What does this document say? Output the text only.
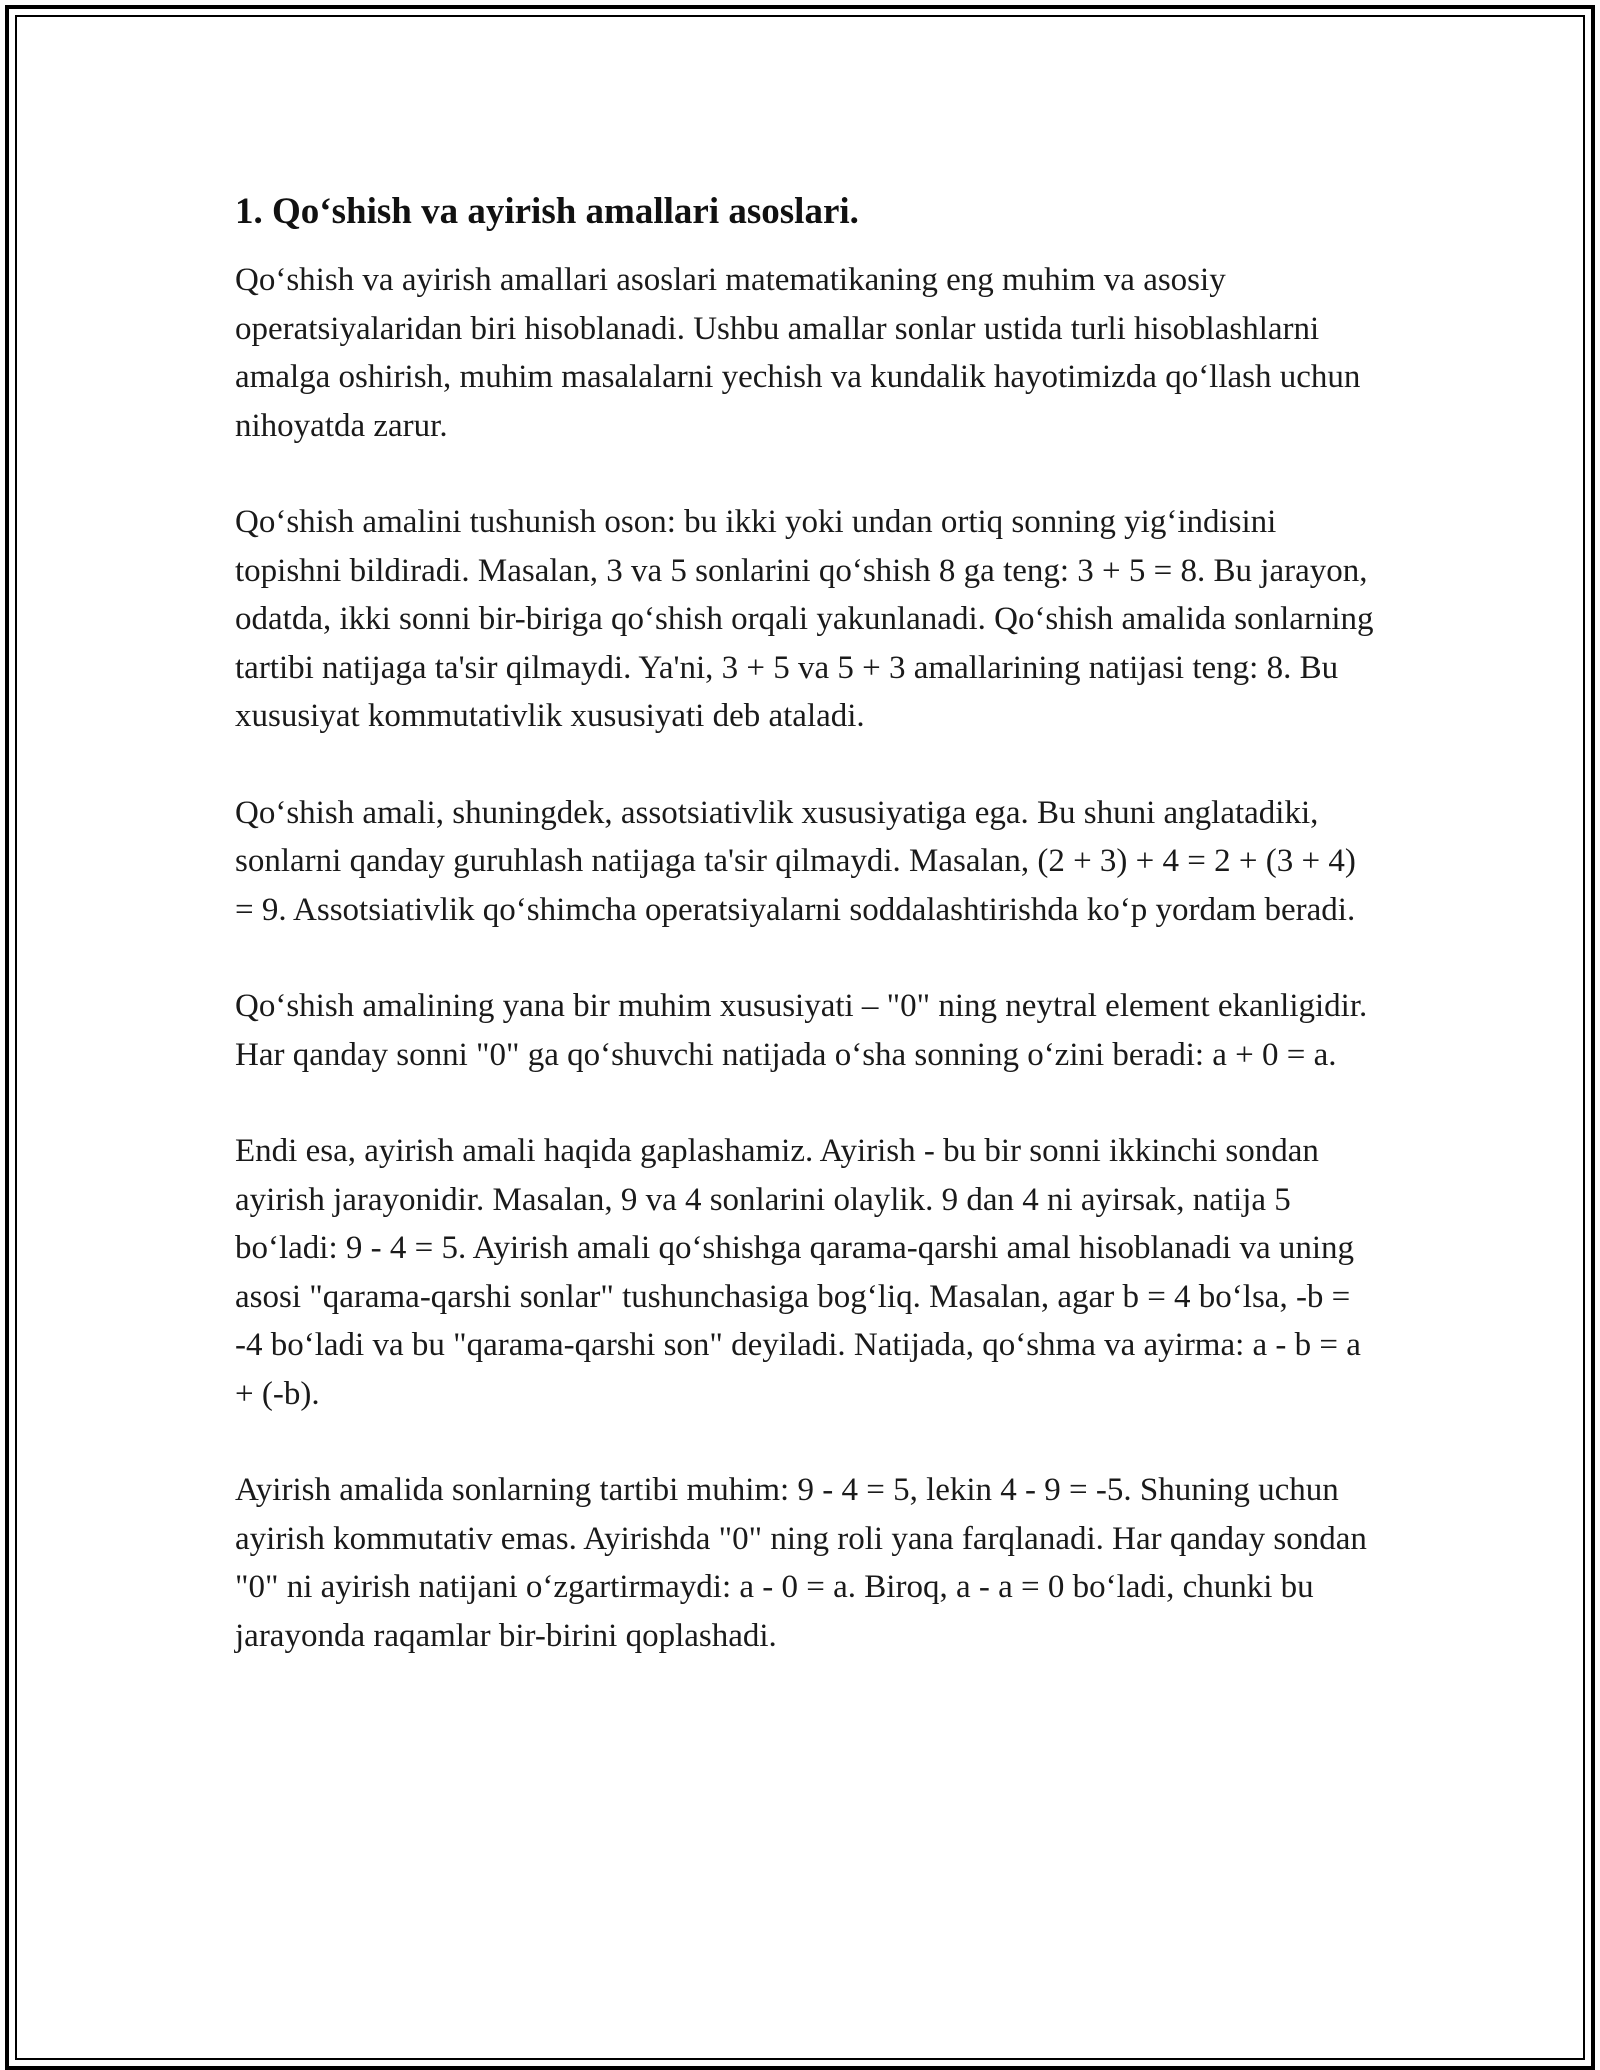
1. Qo‘shish va ayirish amallari asoslari.

Qo‘shish va ayirish amallari asoslari matematikaning eng muhim va asosiy operatsiyalaridan biri hisoblanadi. Ushbu amallar sonlar ustida turli hisoblashlarni amalga oshirish, muhim masalalarni yechish va kundalik hayotimizda qo‘llash uchun nihoyatda zarur.

Qo‘shish amalini tushunish oson: bu ikki yoki undan ortiq sonning yig‘indisini topishni bildiradi. Masalan, 3 va 5 sonlarini qo‘shish 8 ga teng: 3 + 5 = 8. Bu jarayon, odatda, ikki sonni bir-biriga qo‘shish orqali yakunlanadi. Qo‘shish amalida sonlarning tartibi natijaga ta'sir qilmaydi. Ya'ni, 3 + 5 va 5 + 3 amallarining natijasi teng: 8. Bu xususiyat kommutativlik xususiyati deb ataladi.

Qo‘shish amali, shuningdek, assotsiativlik xususiyatiga ega. Bu shuni anglatadiki, sonlarni qanday guruhlash natijaga ta'sir qilmaydi. Masalan, (2 + 3) + 4 = 2 + (3 + 4) = 9. Assotsiativlik qo‘shimcha operatsiyalarni soddalashtirishda ko‘p yordam beradi.

Qo‘shish amalining yana bir muhim xususiyati – "0" ning neytral element ekanligidir. Har qanday sonni "0" ga qo‘shuvchi natijada o‘sha sonning o‘zini beradi: a + 0 = a.

Endi esa, ayirish amali haqida gaplashamiz. Ayirish - bu bir sonni ikkinchi sondan ayirish jarayonidir. Masalan, 9 va 4 sonlarini olaylik. 9 dan 4 ni ayirsak, natija 5 bo‘ladi: 9 - 4 = 5. Ayirish amali qo‘shishga qarama-qarshi amal hisoblanadi va uning asosi "qarama-qarshi sonlar" tushunchasiga bog‘liq. Masalan, agar b = 4 bo‘lsa, -b = -4 bo‘ladi va bu "qarama-qarshi son" deyiladi. Natijada, qo‘shma va ayirma: a - b = a + (-b).

Ayirish amalida sonlarning tartibi muhim: 9 - 4 = 5, lekin 4 - 9 = -5. Shuning uchun ayirish kommutativ emas. Ayirishda "0" ning roli yana farqlanadi. Har qanday sondan "0" ni ayirish natijani o‘zgartirmaydi: a - 0 = a. Biroq, a - a = 0 bo‘ladi, chunki bu jarayonda raqamlar bir-birini qoplashadi.
